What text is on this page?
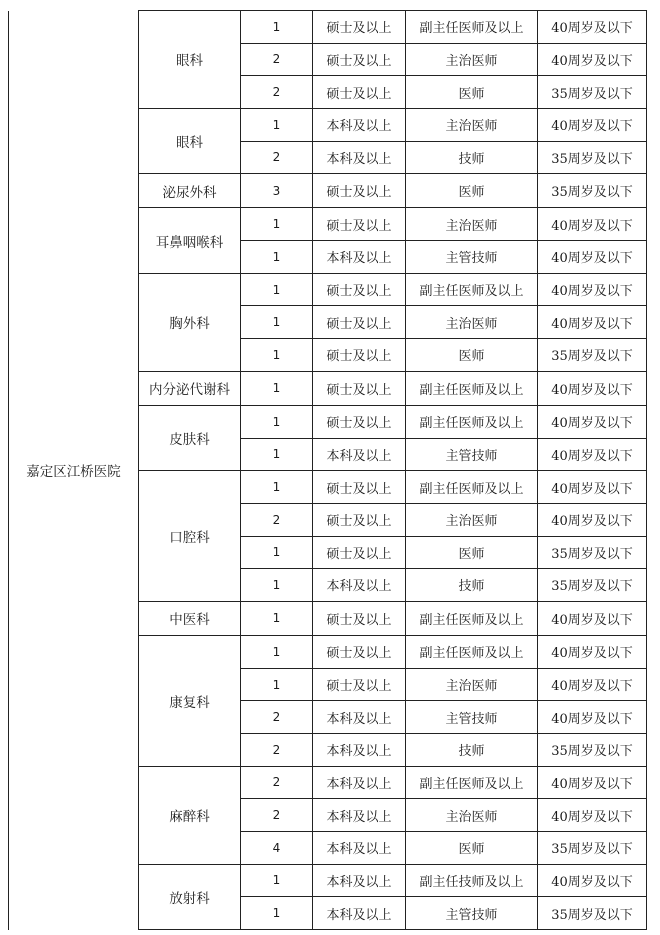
嘉定区江桥医院	眼科	1	硕士及以上	副主任医师及以上	40周岁及以下
		2	硕士及以上	主治医师	40周岁及以下
		2	硕士及以上	医师	35周岁及以下
	眼科	1	本科及以上	主治医师	40周岁及以下
		2	本科及以上	技师	35周岁及以下
	泌尿外科	3	硕士及以上	医师	35周岁及以下
	耳鼻咽喉科	1	硕士及以上	主治医师	40周岁及以下
		1	本科及以上	主管技师	40周岁及以下
	胸外科	1	硕士及以上	副主任医师及以上	40周岁及以下
		1	硕士及以上	主治医师	40周岁及以下
		1	硕士及以上	医师	35周岁及以下
	内分泌代谢科	1	硕士及以上	副主任医师及以上	40周岁及以下
	皮肤科	1	硕士及以上	副主任医师及以上	40周岁及以下
		1	本科及以上	主管技师	40周岁及以下
	口腔科	1	硕士及以上	副主任医师及以上	40周岁及以下
		2	硕士及以上	主治医师	40周岁及以下
		1	硕士及以上	医师	35周岁及以下
		1	本科及以上	技师	35周岁及以下
	中医科	1	硕士及以上	副主任医师及以上	40周岁及以下
	康复科	1	硕士及以上	副主任医师及以上	40周岁及以下
		1	硕士及以上	主治医师	40周岁及以下
		2	本科及以上	主管技师	40周岁及以下
		2	本科及以上	技师	35周岁及以下
	麻醉科	2	本科及以上	副主任医师及以上	40周岁及以下
		2	本科及以上	主治医师	40周岁及以下
		4	本科及以上	医师	35周岁及以下
	放射科	1	本科及以上	副主任技师及以上	40周岁及以下
		1	本科及以上	主管技师	35周岁及以下
